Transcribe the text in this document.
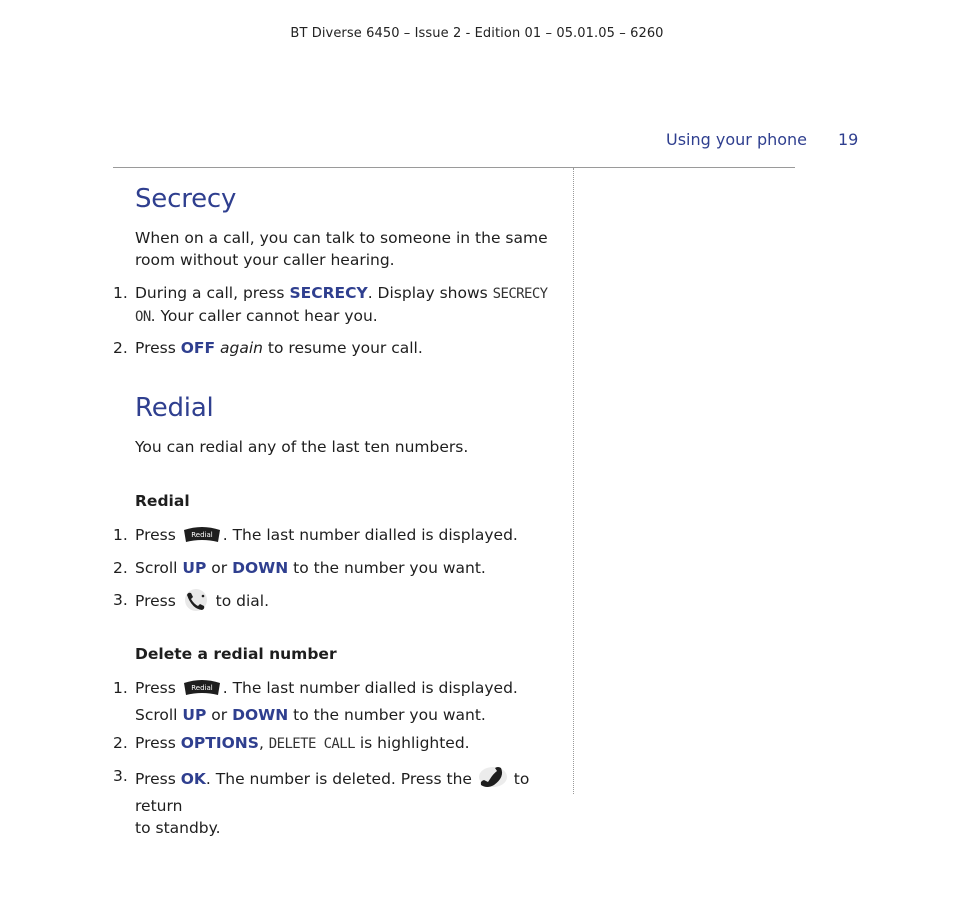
BT Diverse 6450 – Issue 2 - Edition 01 – 05.01.05 – 6260
Using your phone 19
Secrecy
When on a call, you can talk to someone in the same
room without your caller hearing.
1. During a call, press SECRECY. Display shows SECRECY
ON. Your caller cannot hear you.
2. Press OFF again to resume your call.
Redial
You can redial any of the last ten numbers.
Redial
1. Press Redial . The last number dialled is displayed.
2. Scroll UP or DOWN to the number you want.
3. Press  to dial.
Delete a redial number
1. Press Redial . The last number dialled is displayed.
Scroll UP or DOWN to the number you want.
2. Press OPTIONS, DELETE CALL is highlighted.
3. Press OK. The number is deleted. Press the  to return
to standby.
